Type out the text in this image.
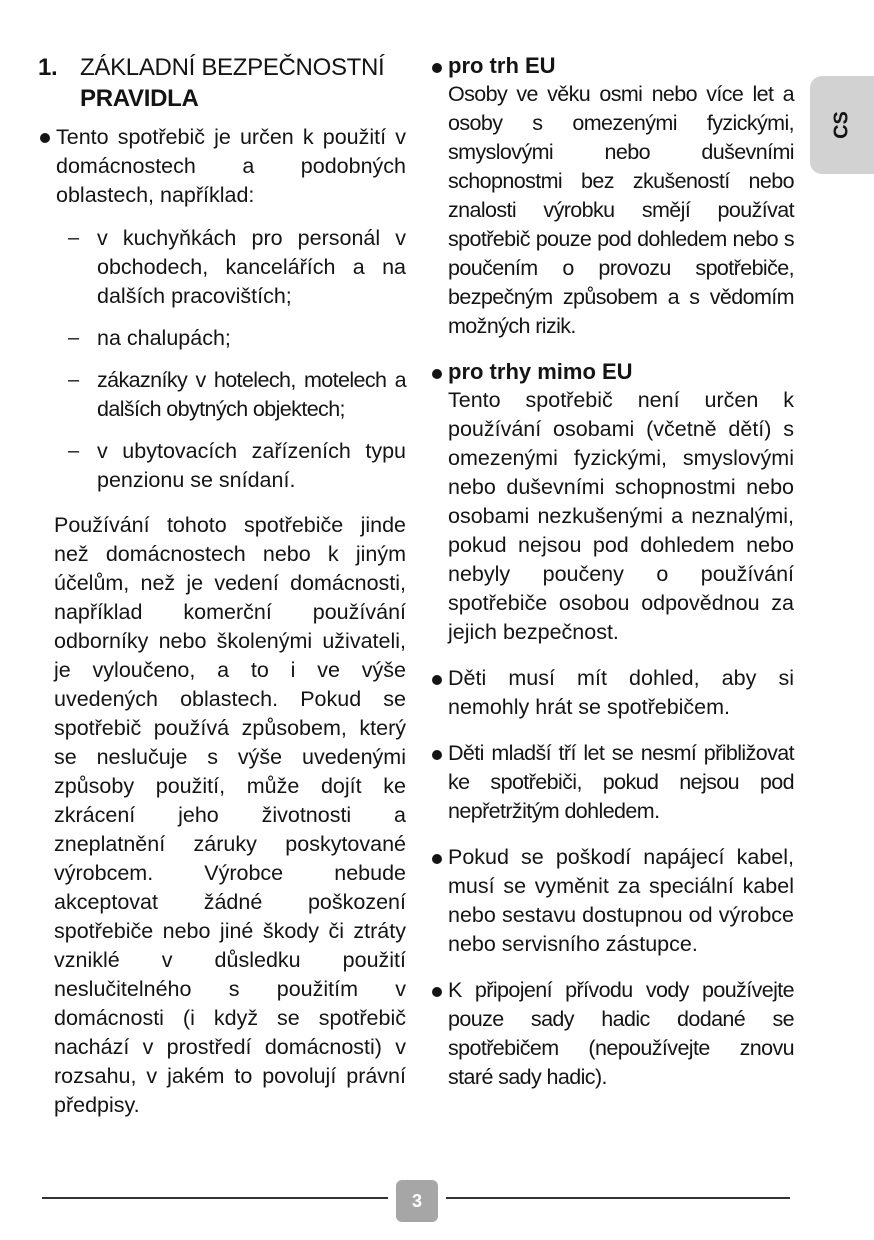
1. ZÁKLADNÍ BEZPEČNOSTNÍ
PRAVIDLA
Tento spotřebič je určen k použití v domácnostech a podobných oblastech, například:
– v kuchyňkách pro personál v obchodech, kancelářích a na dalších pracovištích;
– na chalupách;
– zákazníky v hotelech, motelech a dalších obytných objektech;
– v ubytovacích zařízeních typu penzionu se snídaní.
Používání tohoto spotřebiče jinde než domácnostech nebo k jiným účelům, než je vedení domácnosti, například komerční používání odborníky nebo školenými uživateli, je vyloučeno, a to i ve výše uvedených oblastech. Pokud se spotřebič používá způsobem, který se neslučuje s výše uvedenými způsoby použití, může dojít ke zkrácení jeho životnosti a zneplatnění záruky poskytované výrobcem. Výrobce nebude akceptovat žádné poškození spotřebiče nebo jiné škody či ztráty vzniklé v důsledku použití neslučitelného s použitím v domácnosti (i když se spotřebič nachází v prostředí domácnosti) v rozsahu, v jakém to povolují právní předpisy.
pro trh EU
Osoby ve věku osmi nebo více let a osoby s omezenými fyzickými, smyslovými nebo duševními schopnostmi bez zkušeností nebo znalosti výrobku smějí používat spotřebič pouze pod dohledem nebo s poučením o provozu spotřebiče, bezpečným způsobem a s vědomím možných rizik.
pro trhy mimo EU
Tento spotřebič není určen k používání osobami (včetně dětí) s omezenými fyzickými, smyslovými nebo duševními schopnostmi nebo osobami nezkušenými a neznalými, pokud nejsou pod dohledem nebo nebyly poučeny o používání spotřebiče osobou odpovědnou za jejich bezpečnost.
Děti musí mít dohled, aby si nemohly hrát se spotřebičem.
Děti mladší tří let se nesmí přibližovat ke spotřebiči, pokud nejsou pod nepřetržitým dohledem.
Pokud se poškodí napájecí kabel, musí se vyměnit za speciální kabel nebo sestavu dostupnou od výrobce nebo servisního zástupce.
K připojení přívodu vody používejte pouze sady hadic dodané se spotřebičem (nepoužívejte znovu staré sady hadic).
CS
3
